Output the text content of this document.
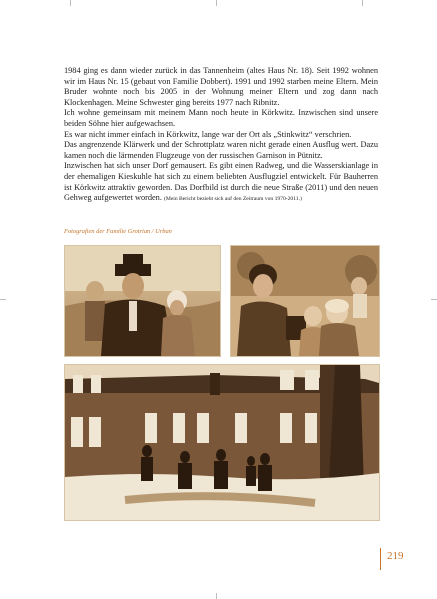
1984 ging es dann wieder zurück in das Tannenheim (altes Haus Nr. 18). Seit 1992 wohnen wir im Haus Nr. 15 (gebaut von Familie Dobbert). 1991 und 1992 starben meine Eltern. Mein Bruder wohnte noch bis 2005 in der Wohnung meiner Eltern und zog dann nach Klockenhagen. Meine Schwester ging bereits 1977 nach Ribnitz.

Ich wohne gemeinsam mit meinem Mann noch heute in Körkwitz. Inzwischen sind unsere beiden Söhne hier aufgewachsen.

Es war nicht immer einfach in Körkwitz, lange war der Ort als „Stinkwitz“ verschrien.

Das angrenzende Klärwerk und der Schrottplatz waren nicht gerade einen Ausflug wert. Dazu kamen noch die lärmenden Flugzeuge von der russischen Garnison in Pütnitz.

Inzwischen hat sich unser Dorf gemausert. Es gibt einen Radweg, und die Wasserskianlage in der ehemaligen Kieskuhle hat sich zu einem beliebten Ausflugziel entwickelt. Für Bauherren ist Körkwitz attraktiv geworden. Das Dorfbild ist durch die neue Straße (2011) und den neuen Gehweg aufgewertet worden. (Mein Bericht bezieht sich auf den Zeitraum von 1970-2011.)

Fotografien der Familie Grotrian / Urban
219
